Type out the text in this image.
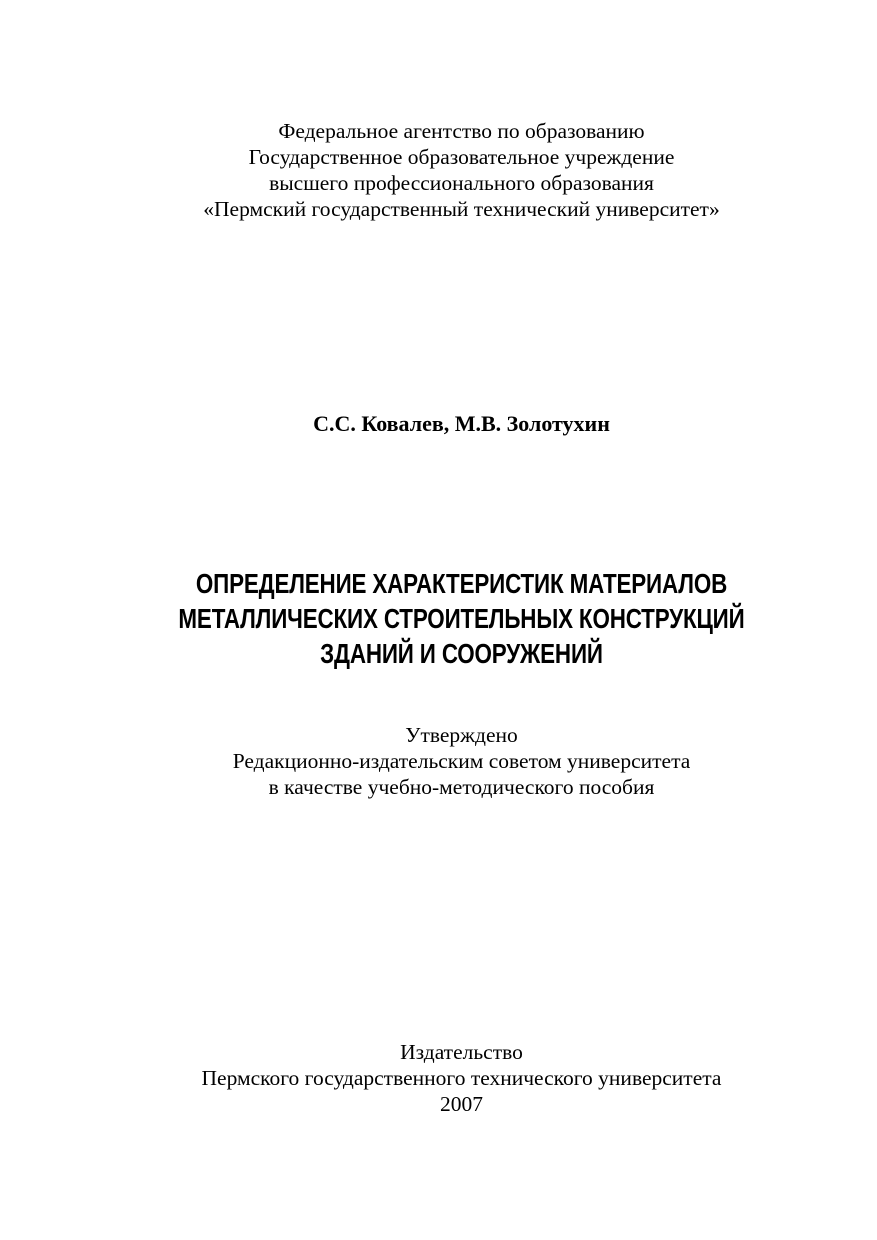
Федеральное агентство по образованию
Государственное образовательное учреждение
высшего профессионального образования
«Пермский государственный технический университет»
С.С. Ковалев, М.В. Золотухин
ОПРЕДЕЛЕНИЕ ХАРАКТЕРИСТИК МАТЕРИАЛОВ
МЕТАЛЛИЧЕСКИХ СТРОИТЕЛЬНЫХ КОНСТРУКЦИЙ
ЗДАНИЙ И СООРУЖЕНИЙ
Утверждено
Редакционно-издательским советом университета
в качестве учебно-методического пособия
Издательство
Пермского государственного технического университета
2007
